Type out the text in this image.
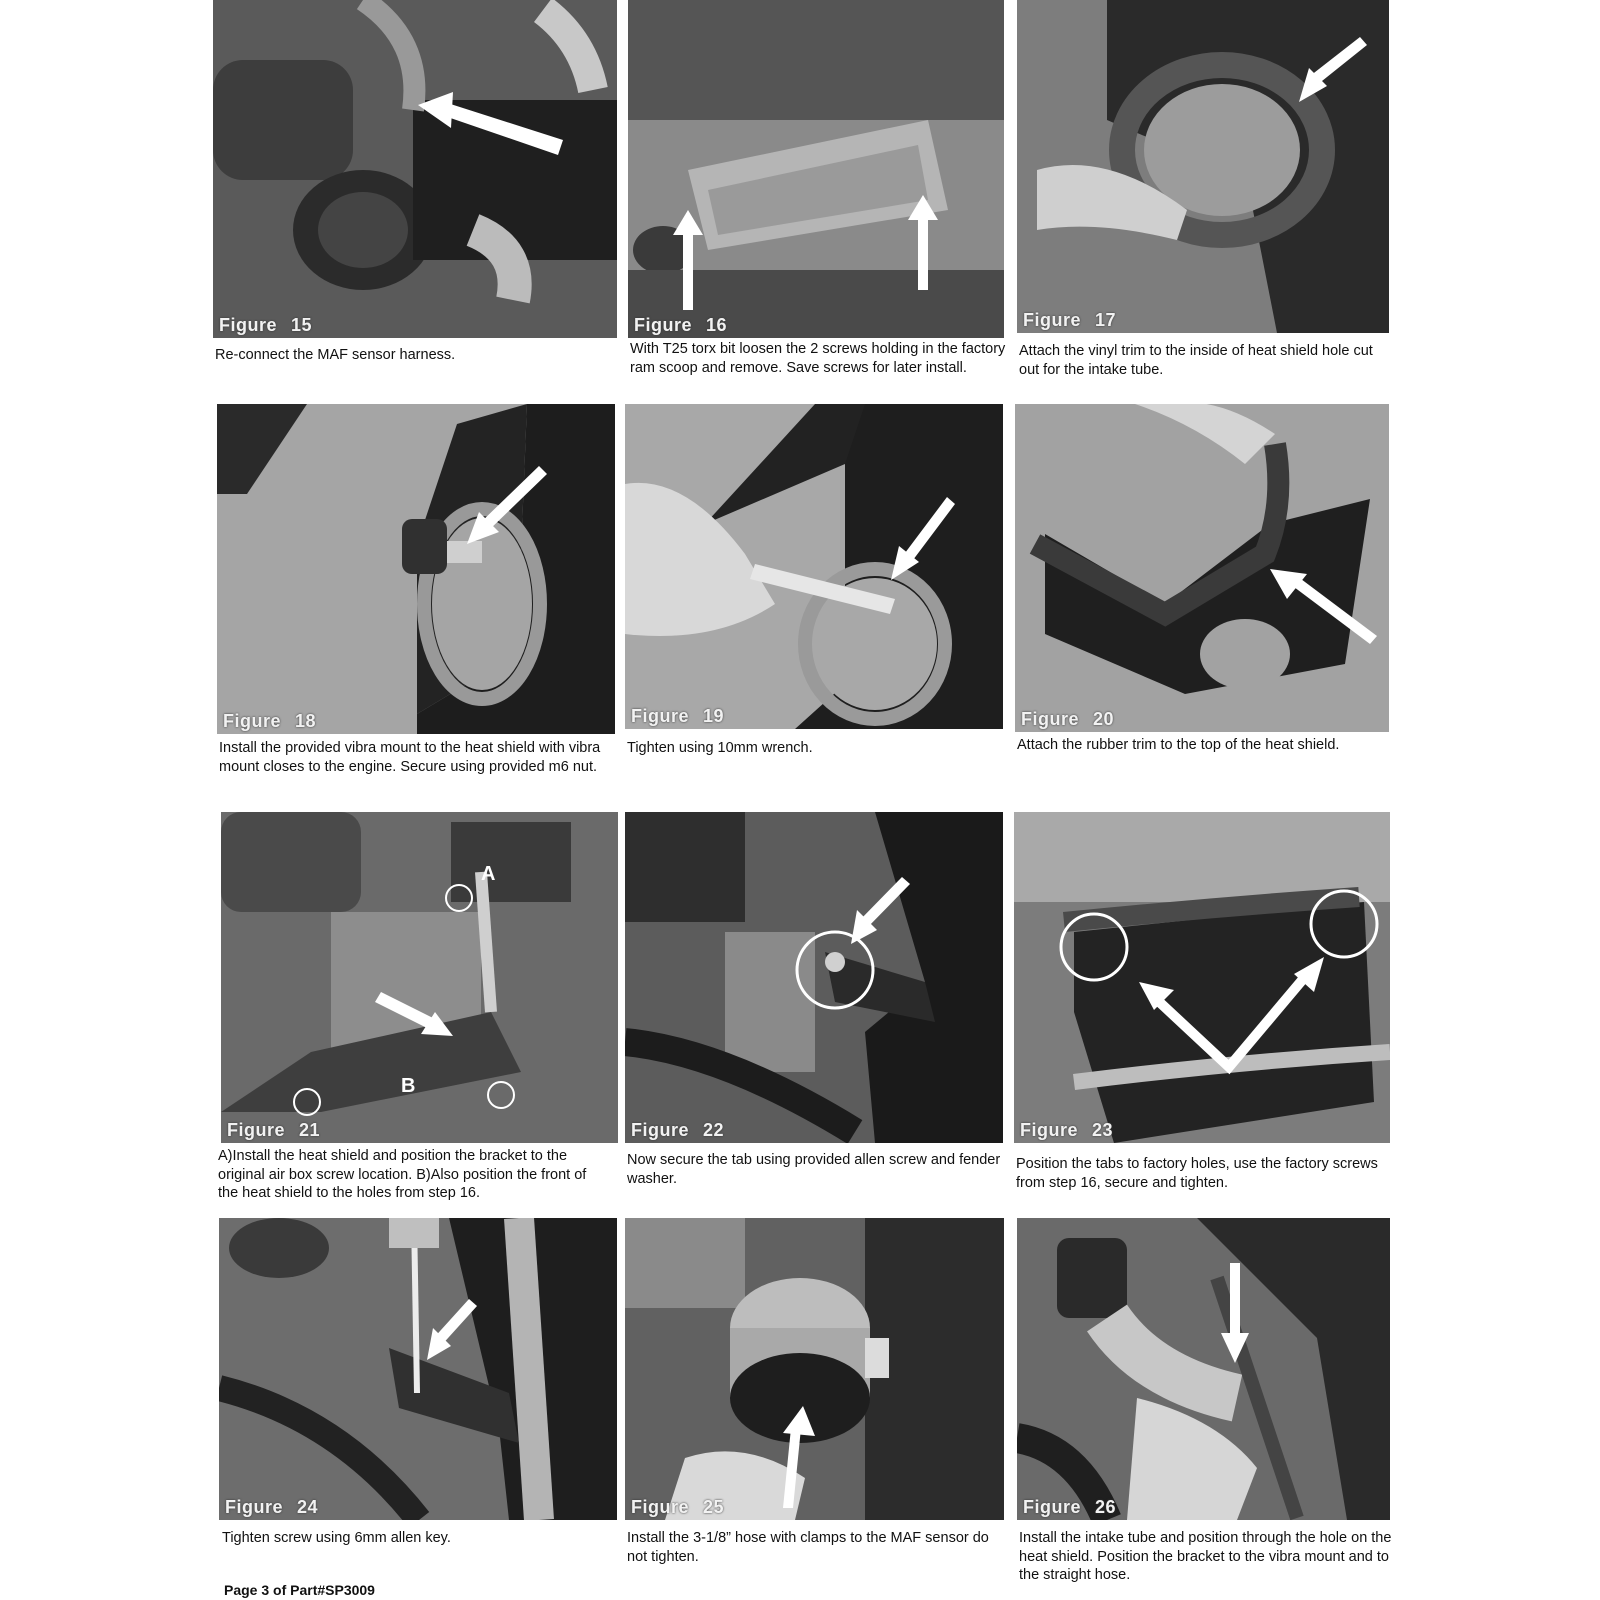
Figure 15
Re-connect the MAF sensor harness.
Figure 16
With T25 torx bit loosen the 2 screws holding in the factory ram scoop and remove. Save screws for later install.
Figure 17
Attach the vinyl trim to the inside of heat shield hole cut out for the intake tube.
Figure 18
Install the provided vibra mount to the heat shield with vibra mount closes to the engine. Secure using provided m6 nut.
Figure 19
Tighten using 10mm wrench.
Figure 20
Attach the rubber trim to the top of the heat shield.
A
B
Figure 21
A)Install the heat shield and position the bracket to the original air box screw location. B)Also position the front of the heat shield to the holes from step 16.
Figure 22
Now secure the tab using provided allen screw and fender washer.
Figure 23
Position the tabs to factory holes, use the factory screws from step 16, secure and tighten.
Figure 24
Tighten screw using 6mm allen key.
Figure 25
Install the 3-1/8” hose with clamps to the MAF sensor do not tighten.
Figure 26
Install the intake tube and position through the hole on the heat shield. Position the bracket to the vibra mount and to the straight hose.
Page 3 of Part#SP3009
